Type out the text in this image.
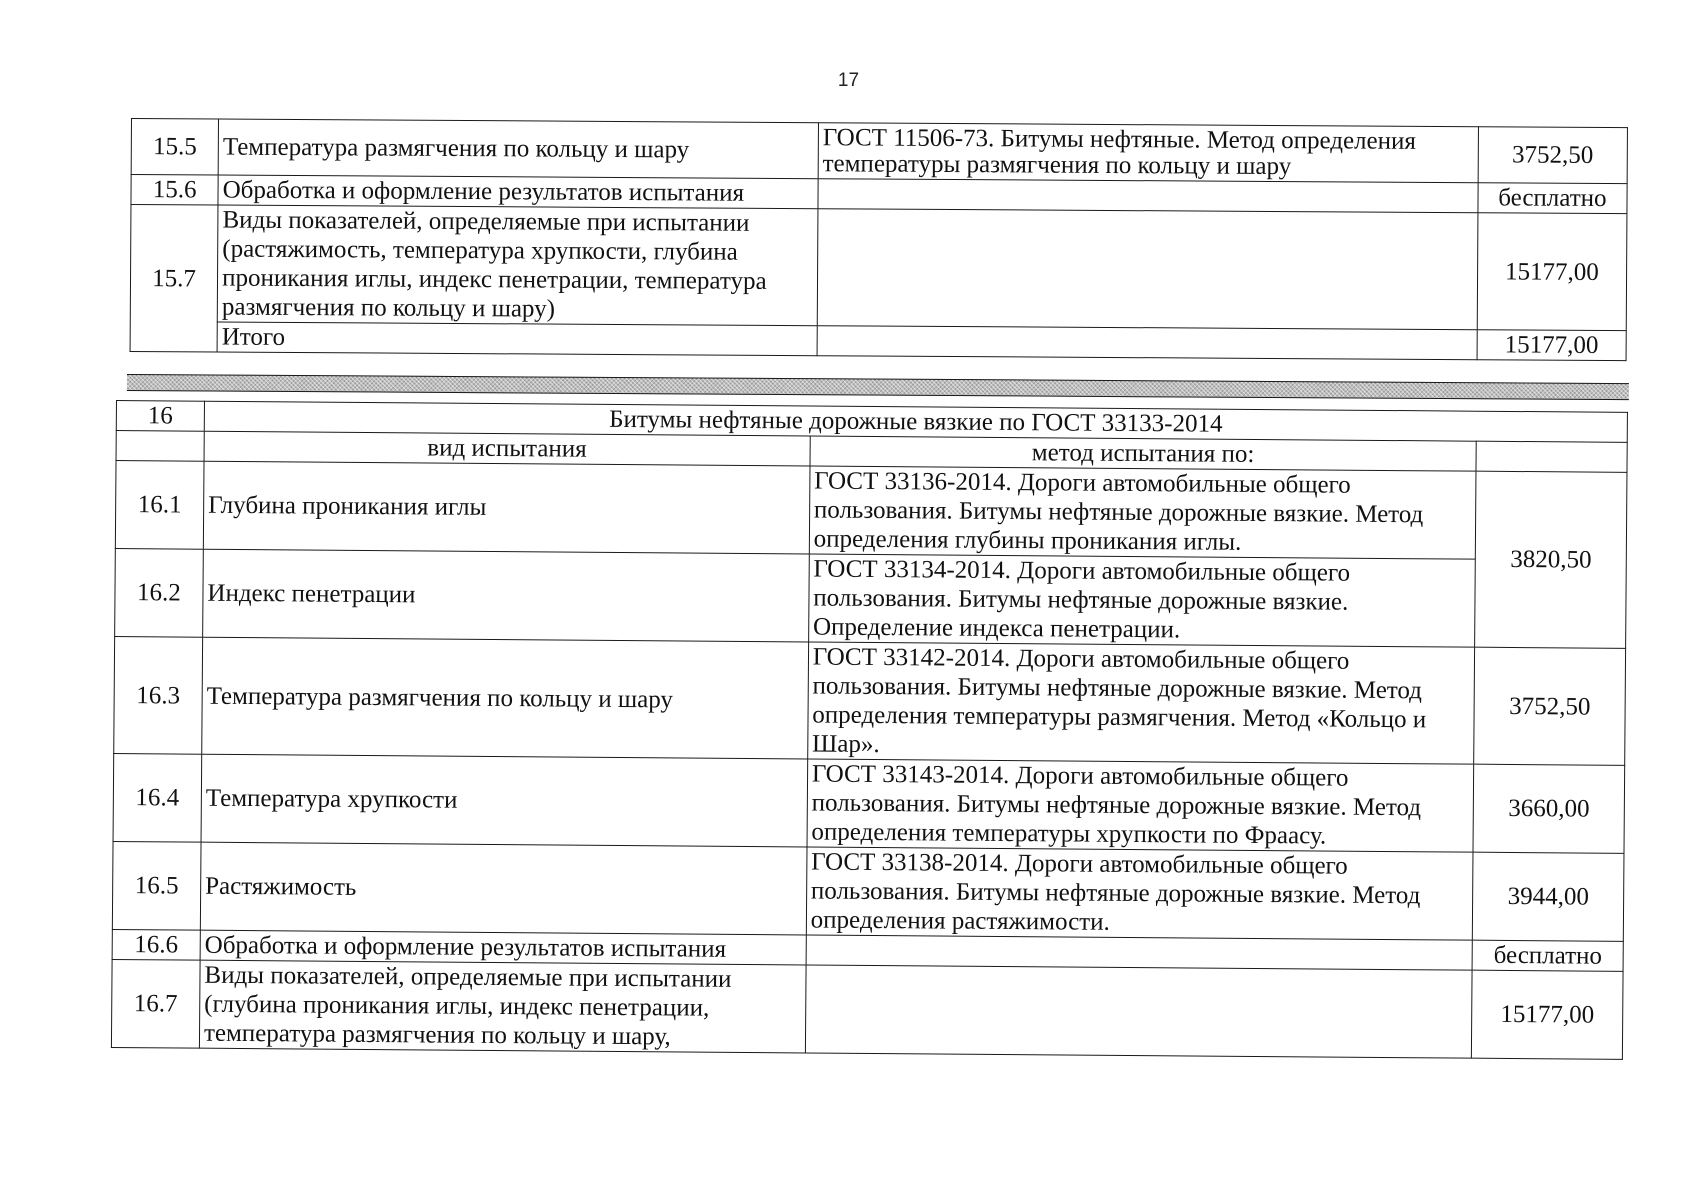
17
15.5	Температура размягчения по кольцу и шару	ГОСТ 11506-73. Битумы нефтяные. Метод определения температуры размягчения по кольцу и шару	3752,50
15.6	Обработка и оформление результатов испытания		бесплатно
15.7	Виды показателей, определяемые при испытании (растяжимость, температура хрупкости, глубина проникания иглы, индекс пенетрации, температура размягчения по кольцу и шару)		15177,00
	Итого		15177,00
16	Битумы нефтяные дорожные вязкие по ГОСТ 33133-2014		
	вид испытания	метод испытания по:	
16.1	Глубина проникания иглы	ГОСТ 33136-2014. Дороги автомобильные общего пользования. Битумы нефтяные дорожные вязкие. Метод определения глубины проникания иглы.	3820,50
16.2	Индекс пенетрации	ГОСТ 33134-2014. Дороги автомобильные общего пользования. Битумы нефтяные дорожные вязкие. Определение индекса пенетрации.	
16.3	Температура размягчения по кольцу и шару	ГОСТ 33142-2014. Дороги автомобильные общего пользования. Битумы нефтяные дорожные вязкие. Метод определения температуры размягчения. Метод «Кольцо и Шар».	3752,50
16.4	Температура хрупкости	ГОСТ 33143-2014. Дороги автомобильные общего пользования. Битумы нефтяные дорожные вязкие. Метод определения температуры хрупкости по Фраасу.	3660,00
16.5	Растяжимость	ГОСТ 33138-2014. Дороги автомобильные общего пользования. Битумы нефтяные дорожные вязкие. Метод определения растяжимости.	3944,00
16.6	Обработка и оформление результатов испытания		бесплатно
16.7	Виды показателей, определяемые при испытании (глубина проникания иглы, индекс пенетрации, температура размягчения по кольцу и шару,		15177,00
